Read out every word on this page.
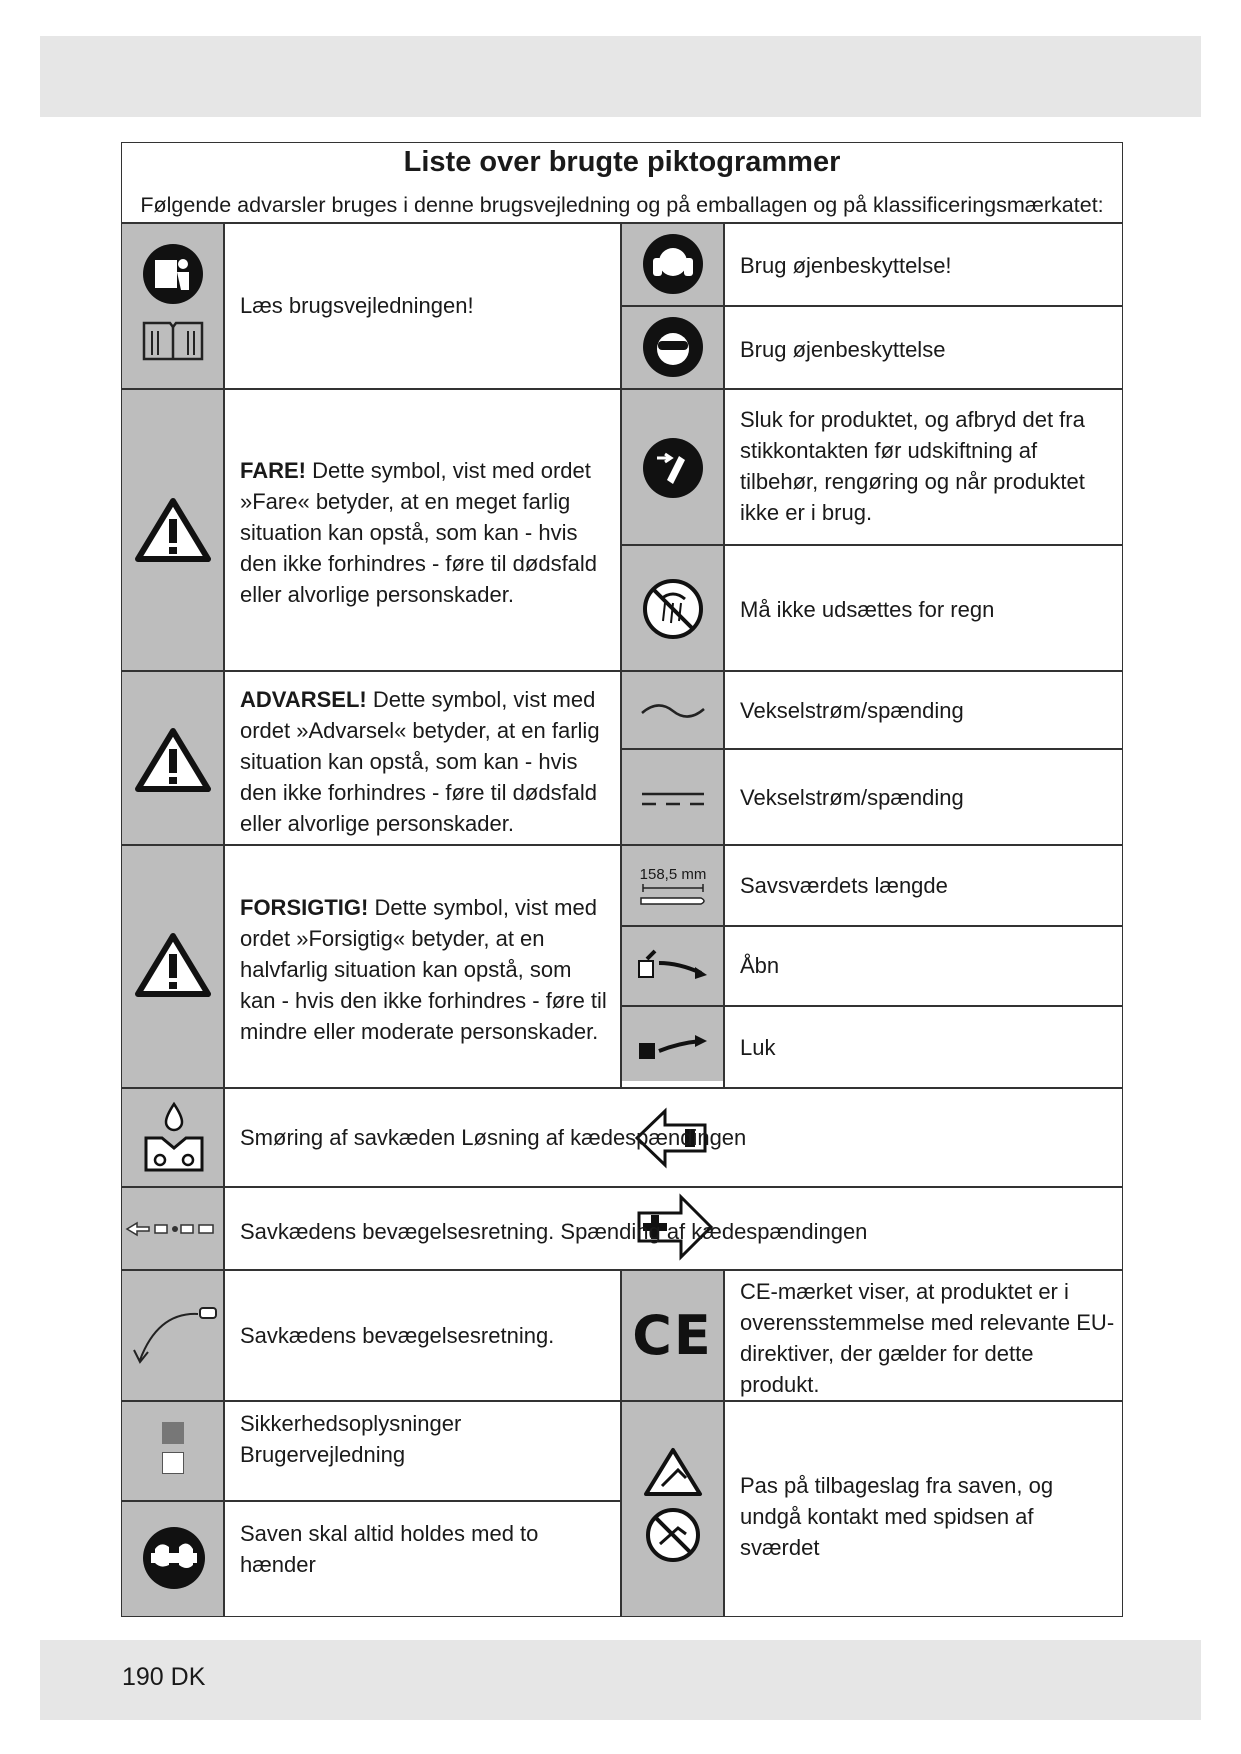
190 DK
Liste over brugte piktogrammer
Følgende advarsler bruges i denne brugsvejledning og på emballagen og på klassificeringsmærkatet:
Læs brugsvejledningen!
Brug øjenbeskyttelse!
Brug øjenbeskyttelse
FARE! Dette symbol, vist med ordet »Fare« betyder, at en meget farlig situation kan opstå, som kan - hvis den ikke forhindres - føre til dødsfald eller alvorlige personskader.
Sluk for produktet, og afbryd det fra stikkontakten før udskiftning af tilbehør, rengøring og når produktet ikke er i brug.
Må ikke udsættes for regn
ADVARSEL! Dette symbol, vist med ordet »Advarsel« betyder, at en farlig situation kan opstå, som kan - hvis den ikke forhindres - føre til dødsfald eller alvorlige personskader.
Vekselstrøm/spænding
Vekselstrøm/spænding
FORSIGTIG! Dette symbol, vist med ordet »Forsigtig« betyder, at en halvfarlig situation kan opstå, som kan - hvis den ikke forhindres - føre til mindre eller moderate personskader.
158,5 mm Savsværdets længde
Åbn
Luk
Smøring af savkæden Løsning af kædespændingen
Savkædens bevægelsesretning. Spænding af kædespændingen
Savkædens bevægelsesretning.	CE
CE-mærket viser, at produktet er i overensstemmelse med relevante EU-direktiver, der gælder for dette produkt.
Sikkerhedsoplysninger
Brugervejledning
Pas på tilbageslag fra saven, og undgå kontakt med spidsen af sværdet
Saven skal altid holdes med to hænder
